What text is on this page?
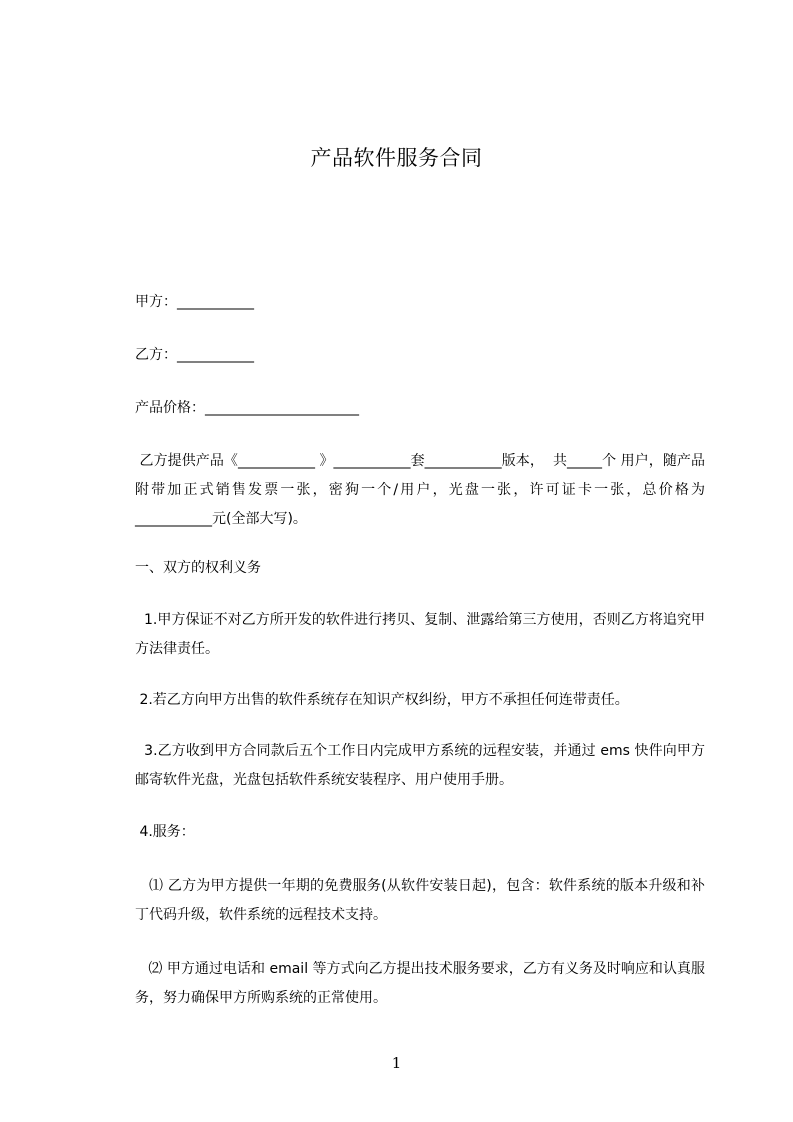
产品软件服务合同
甲方：___________
乙方：___________
产品价格：______________________
乙方提供产品《___________ 》___________套___________版本，  共_____个 用户，随产品附带加正式销售发票一张，密狗一个/用户，光盘一张，许可证卡一张，总价格为___________元(全部大写)。
一、双方的权利义务
1.甲方保证不对乙方所开发的软件进行拷贝、复制、泄露给第三方使用，否则乙方将追究甲方法律责任。
2.若乙方向甲方出售的软件系统存在知识产权纠纷，甲方不承担任何连带责任。
3.乙方收到甲方合同款后五个工作日内完成甲方系统的远程安装，并通过 ems 快件向甲方邮寄软件光盘，光盘包括软件系统安装程序、用户使用手册。
4.服务：
⑴ 乙方为甲方提供一年期的免费服务(从软件安装日起)，包含：软件系统的版本升级和补丁代码升级，软件系统的远程技术支持。
⑵ 甲方通过电话和 email 等方式向乙方提出技术服务要求，乙方有义务及时响应和认真服务，努力确保甲方所购系统的正常使用。
1
